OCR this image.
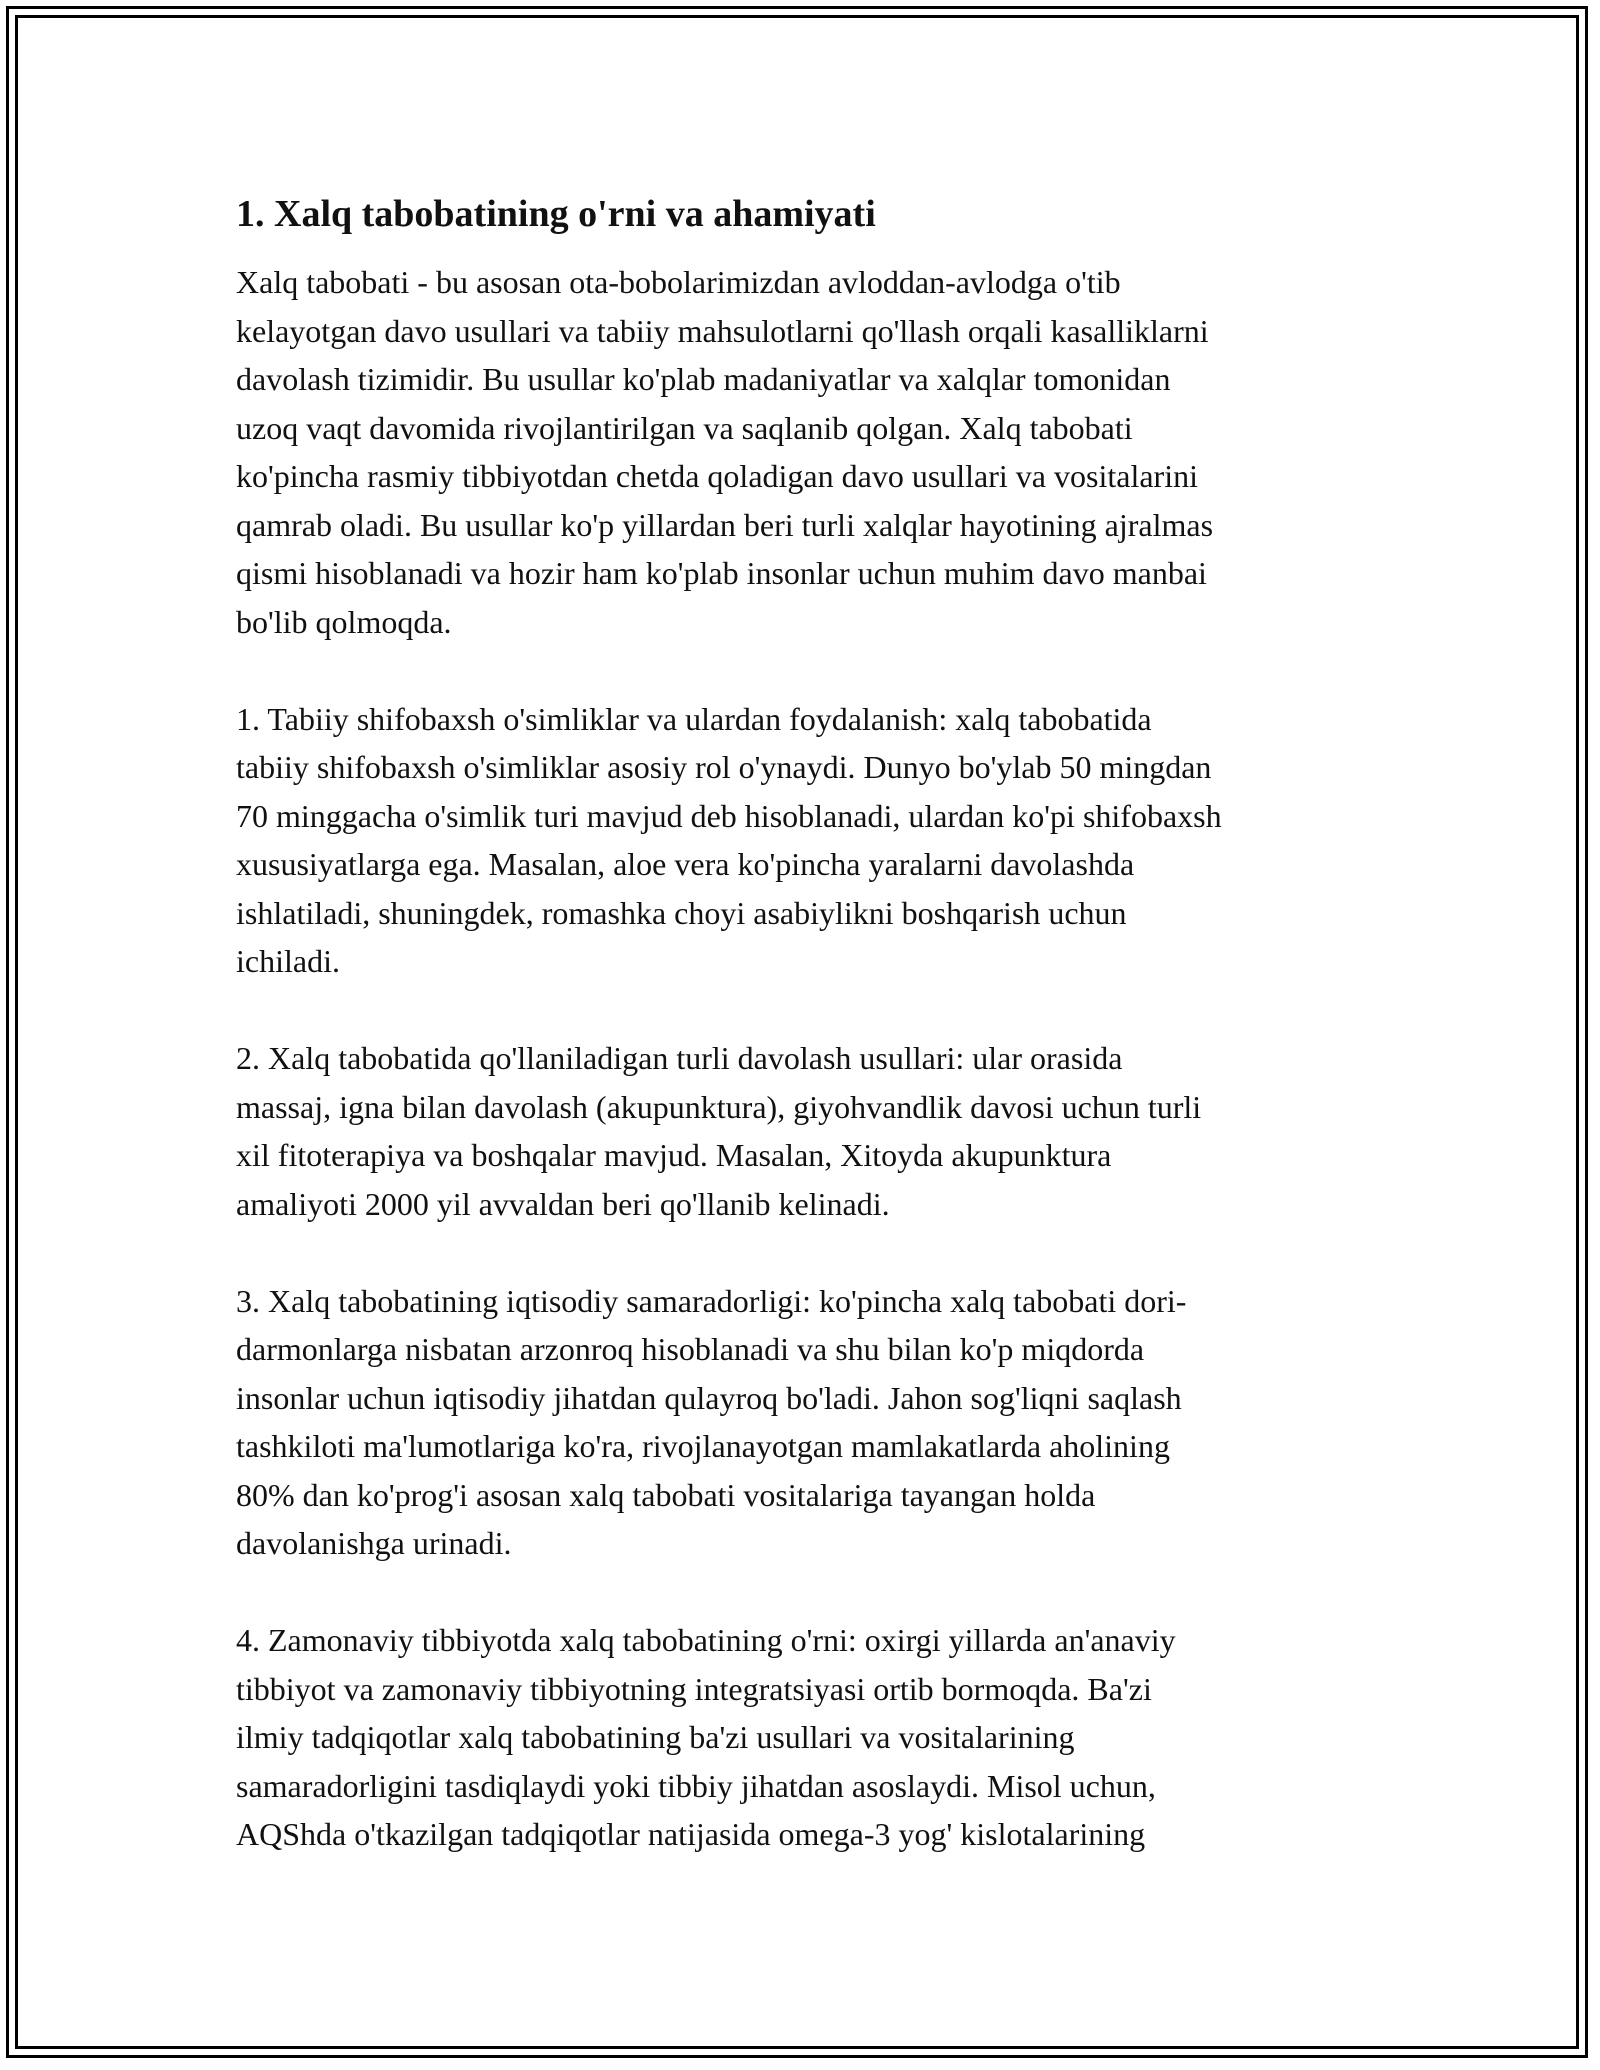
1. Xalq tabobatining o'rni va ahamiyati

Xalq tabobati - bu asosan ota-bobolarimizdan avloddan-avlodga o'tib
kelayotgan davo usullari va tabiiy mahsulotlarni qo'llash orqali kasalliklarni
davolash tizimidir. Bu usullar ko'plab madaniyatlar va xalqlar tomonidan
uzoq vaqt davomida rivojlantirilgan va saqlanib qolgan. Xalq tabobati
ko'pincha rasmiy tibbiyotdan chetda qoladigan davo usullari va vositalarini
qamrab oladi. Bu usullar ko'p yillardan beri turli xalqlar hayotining ajralmas
qismi hisoblanadi va hozir ham ko'plab insonlar uchun muhim davo manbai
bo'lib qolmoqda.

1. Tabiiy shifobaxsh o'simliklar va ulardan foydalanish: xalq tabobatida
tabiiy shifobaxsh o'simliklar asosiy rol o'ynaydi. Dunyo bo'ylab 50 mingdan
70 minggacha o'simlik turi mavjud deb hisoblanadi, ulardan ko'pi shifobaxsh
xususiyatlarga ega. Masalan, aloe vera ko'pincha yaralarni davolashda
ishlatiladi, shuningdek, romashka choyi asabiylikni boshqarish uchun
ichiladi.

2. Xalq tabobatida qo'llaniladigan turli davolash usullari: ular orasida
massaj, igna bilan davolash (akupunktura), giyohvandlik davosi uchun turli
xil fitoterapiya va boshqalar mavjud. Masalan, Xitoyda akupunktura
amaliyoti 2000 yil avvaldan beri qo'llanib kelinadi.

3. Xalq tabobatining iqtisodiy samaradorligi: ko'pincha xalq tabobati dori-
darmonlarga nisbatan arzonroq hisoblanadi va shu bilan ko'p miqdorda
insonlar uchun iqtisodiy jihatdan qulayroq bo'ladi. Jahon sog'liqni saqlash
tashkiloti ma'lumotlariga ko'ra, rivojlanayotgan mamlakatlarda aholining
80% dan ko'prog'i asosan xalq tabobati vositalariga tayangan holda
davolanishga urinadi.

4. Zamonaviy tibbiyotda xalq tabobatining o'rni: oxirgi yillarda an'anaviy
tibbiyot va zamonaviy tibbiyotning integratsiyasi ortib bormoqda. Ba'zi
ilmiy tadqiqotlar xalq tabobatining ba'zi usullari va vositalarining
samaradorligini tasdiqlaydi yoki tibbiy jihatdan asoslaydi. Misol uchun,
AQShda o'tkazilgan tadqiqotlar natijasida omega-3 yog' kislotalarining
